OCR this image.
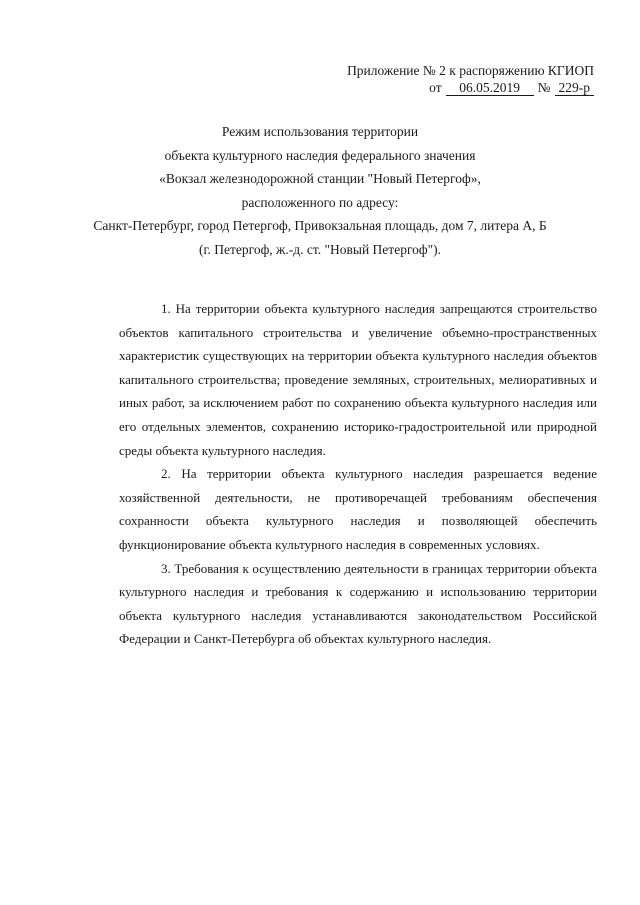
Приложение № 2 к распоряжению КГИОП
от	06.05.2019	№ 229-р
Режим использования территории
объекта культурного наследия федерального значения
«Вокзал железнодорожной станции "Новый Петергоф»,
расположенного по адресу:
Санкт-Петербург, город Петергоф, Привокзальная площадь, дом 7, литера А, Б
(г. Петергоф, ж.-д. ст. "Новый Петергоф").

1. На территории объекта культурного наследия запрещаются строительство объектов капитального строительства и увеличение объемно-пространственных характеристик существующих на территории объекта культурного наследия объектов капитального строительства; проведение земляных, строительных, мелиоративных и иных работ, за исключением работ по сохранению объекта культурного наследия или его отдельных элементов, сохранению историко-градостроительной или природной среды объекта культурного наследия.

2. На территории объекта культурного наследия разрешается ведение хозяйственной деятельности, не противоречащей требованиям обеспечения сохранности объекта культурного наследия и позволяющей обеспечить функционирование объекта культурного наследия в современных условиях.

3. Требования к осуществлению деятельности в границах территории объекта культурного наследия и требования к содержанию и использованию территории объекта культурного наследия устанавливаются законодательством Российской Федерации и Санкт-Петербурга об объектах культурного наследия.
